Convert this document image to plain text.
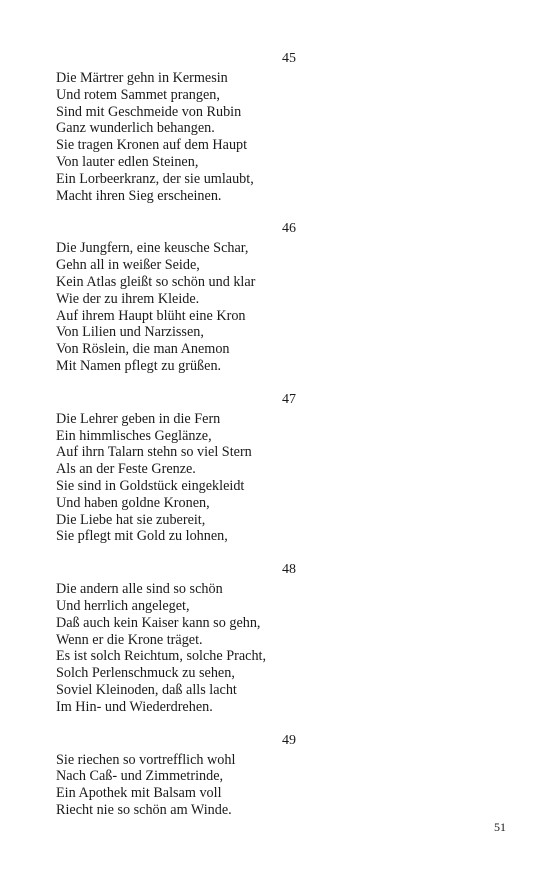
45
Die Märtrer gehn in Kermesin
Und rotem Sammet prangen,
Sind mit Geschmeide von Rubin
Ganz wunderlich behangen.
Sie tragen Kronen auf dem Haupt
Von lauter edlen Steinen,
Ein Lorbeerkranz, der sie umlaubt,
Macht ihren Sieg erscheinen.
46
Die Jungfern, eine keusche Schar,
Gehn all in weißer Seide,
Kein Atlas gleißt so schön und klar
Wie der zu ihrem Kleide.
Auf ihrem Haupt blüht eine Kron
Von Lilien und Narzissen,
Von Röslein, die man Anemon
Mit Namen pflegt zu grüßen.
47
Die Lehrer geben in die Fern
Ein himmlisches Geglänze,
Auf ihrn Talarn stehn so viel Stern
Als an der Feste Grenze.
Sie sind in Goldstück eingekleidt
Und haben goldne Kronen,
Die Liebe hat sie zubereit,
Sie pflegt mit Gold zu lohnen,
48
Die andern alle sind so schön
Und herrlich angeleget,
Daß auch kein Kaiser kann so gehn,
Wenn er die Krone träget.
Es ist solch Reichtum, solche Pracht,
Solch Perlenschmuck zu sehen,
Soviel Kleinoden, daß alls lacht
Im Hin- und Wiederdrehen.
49
Sie riechen so vortrefflich wohl
Nach Caß- und Zimmetrinde,
Ein Apothek mit Balsam voll
Riecht nie so schön am Winde.
51
